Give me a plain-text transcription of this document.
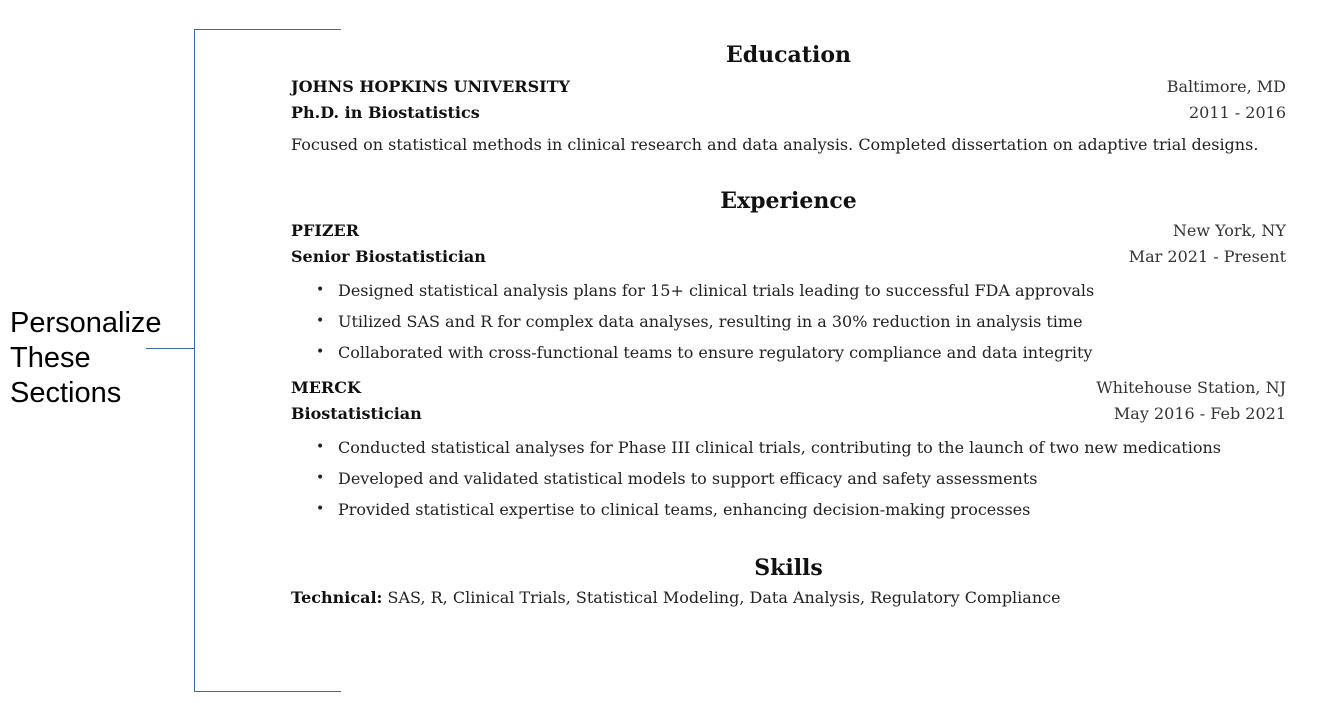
Personalize
These
Sections
Education
JOHNS HOPKINS UNIVERSITY	Baltimore, MD
Ph.D. in Biostatistics	2011 - 2016
Focused on statistical methods in clinical research and data analysis. Completed dissertation on adaptive trial designs.
Experience
PFIZER	New York, NY
Senior Biostatistician	Mar 2021 - Present
• Designed statistical analysis plans for 15+ clinical trials leading to successful FDA approvals
• Utilized SAS and R for complex data analyses, resulting in a 30% reduction in analysis time
• Collaborated with cross-functional teams to ensure regulatory compliance and data integrity
MERCK	Whitehouse Station, NJ
Biostatistician	May 2016 - Feb 2021
• Conducted statistical analyses for Phase III clinical trials, contributing to the launch of two new medications
• Developed and validated statistical models to support efficacy and safety assessments
• Provided statistical expertise to clinical teams, enhancing decision-making processes
Skills
Technical: SAS, R, Clinical Trials, Statistical Modeling, Data Analysis, Regulatory Compliance
